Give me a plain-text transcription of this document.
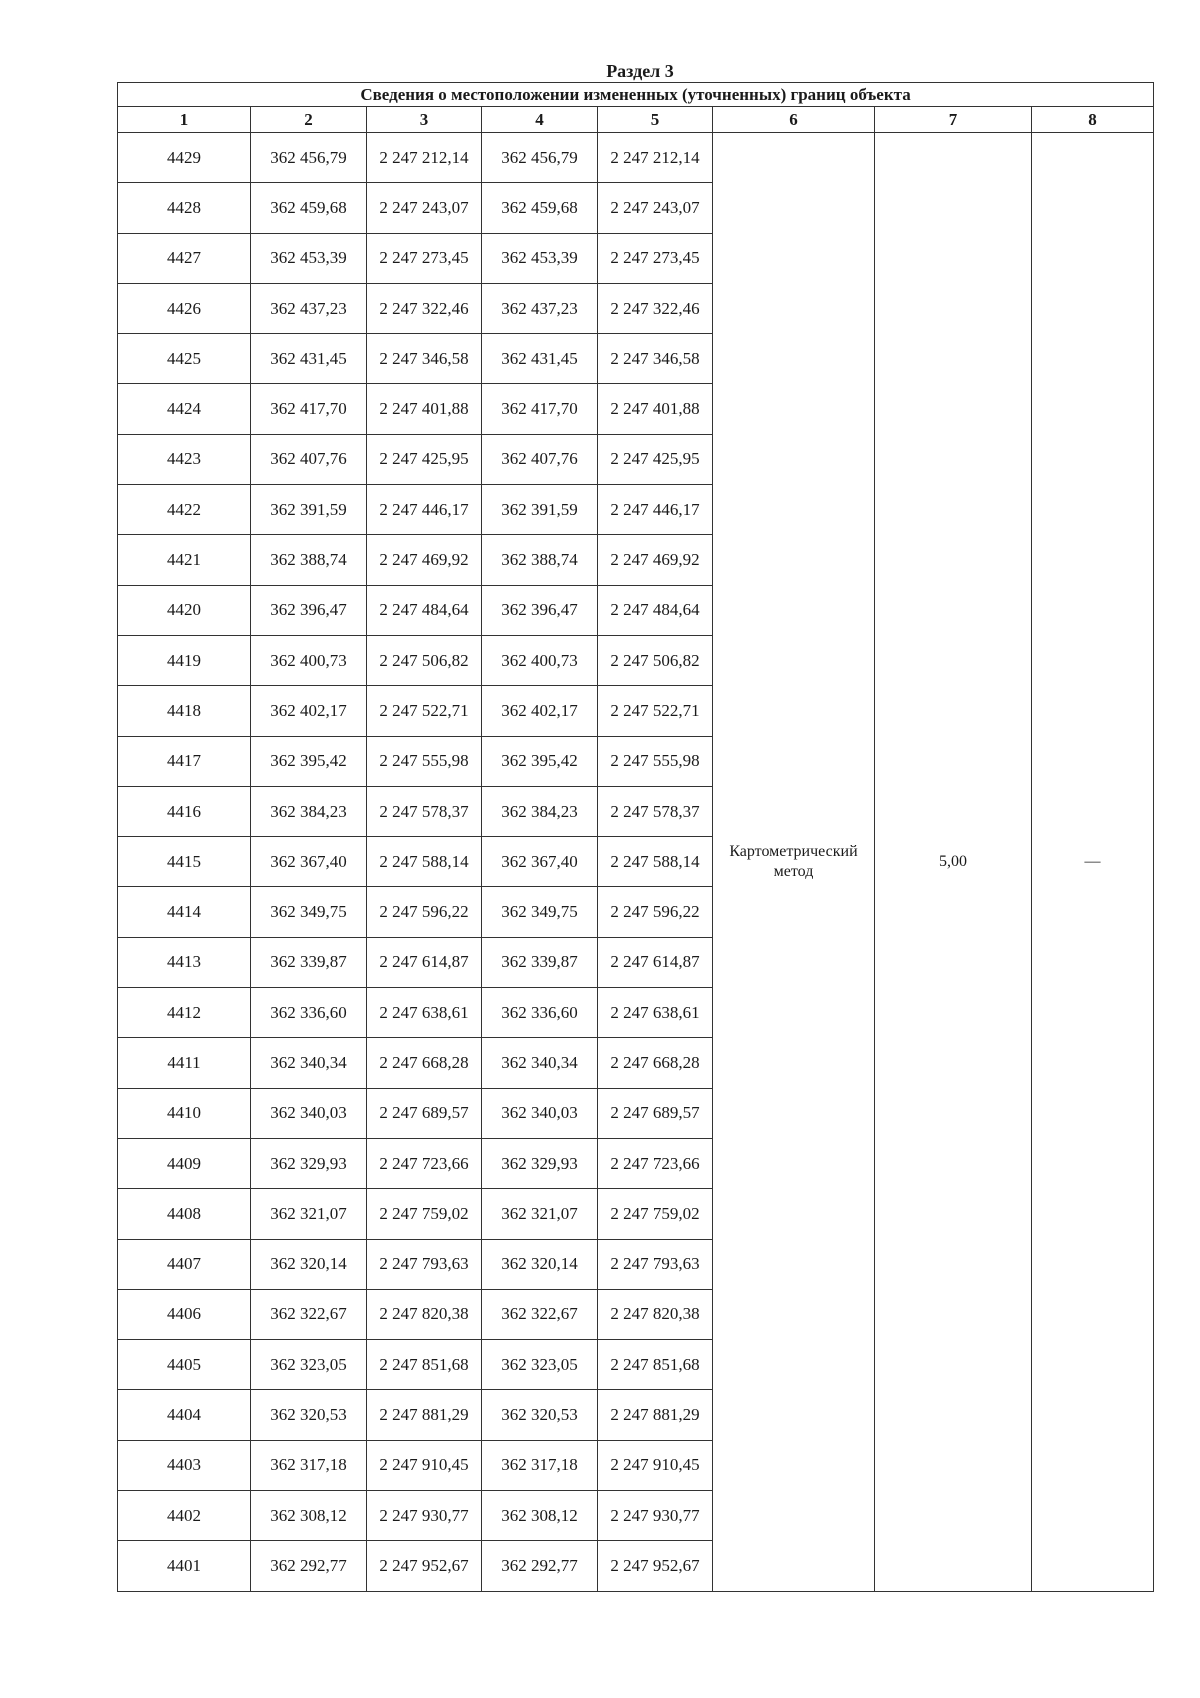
Раздел 3
Сведения о местоположении измененных (уточненных) границ объекта							
1	2	3	4	5	6	7	8
4429	362 456,79	2 247 212,14	362 456,79	2 247 212,14	Картометрический метод	5,00	—
4428	362 459,68	2 247 243,07	362 459,68	2 247 243,07			
4427	362 453,39	2 247 273,45	362 453,39	2 247 273,45			
4426	362 437,23	2 247 322,46	362 437,23	2 247 322,46			
4425	362 431,45	2 247 346,58	362 431,45	2 247 346,58			
4424	362 417,70	2 247 401,88	362 417,70	2 247 401,88			
4423	362 407,76	2 247 425,95	362 407,76	2 247 425,95			
4422	362 391,59	2 247 446,17	362 391,59	2 247 446,17			
4421	362 388,74	2 247 469,92	362 388,74	2 247 469,92			
4420	362 396,47	2 247 484,64	362 396,47	2 247 484,64			
4419	362 400,73	2 247 506,82	362 400,73	2 247 506,82			
4418	362 402,17	2 247 522,71	362 402,17	2 247 522,71			
4417	362 395,42	2 247 555,98	362 395,42	2 247 555,98			
4416	362 384,23	2 247 578,37	362 384,23	2 247 578,37			
4415	362 367,40	2 247 588,14	362 367,40	2 247 588,14			
4414	362 349,75	2 247 596,22	362 349,75	2 247 596,22			
4413	362 339,87	2 247 614,87	362 339,87	2 247 614,87			
4412	362 336,60	2 247 638,61	362 336,60	2 247 638,61			
4411	362 340,34	2 247 668,28	362 340,34	2 247 668,28			
4410	362 340,03	2 247 689,57	362 340,03	2 247 689,57			
4409	362 329,93	2 247 723,66	362 329,93	2 247 723,66			
4408	362 321,07	2 247 759,02	362 321,07	2 247 759,02			
4407	362 320,14	2 247 793,63	362 320,14	2 247 793,63			
4406	362 322,67	2 247 820,38	362 322,67	2 247 820,38			
4405	362 323,05	2 247 851,68	362 323,05	2 247 851,68			
4404	362 320,53	2 247 881,29	362 320,53	2 247 881,29			
4403	362 317,18	2 247 910,45	362 317,18	2 247 910,45			
4402	362 308,12	2 247 930,77	362 308,12	2 247 930,77			
4401	362 292,77	2 247 952,67	362 292,77	2 247 952,67			
